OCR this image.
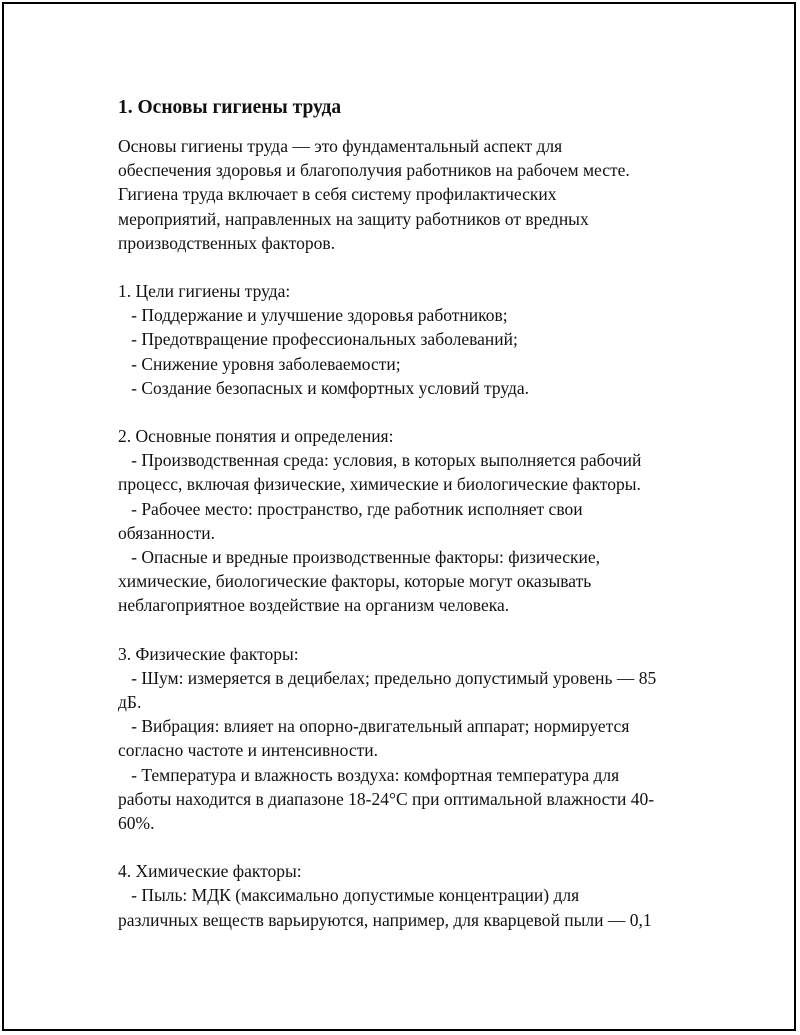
1. Основы гигиены труда
Основы гигиены труда — это фундаментальный аспект для
обеспечения здоровья и благополучия работников на рабочем месте.
Гигиена труда включает в себя систему профилактических
мероприятий, направленных на защиту работников от вредных
производственных факторов.
1. Цели гигиены труда:
- Поддержание и улучшение здоровья работников;
- Предотвращение профессиональных заболеваний;
- Снижение уровня заболеваемости;
- Создание безопасных и комфортных условий труда.
2. Основные понятия и определения:
- Производственная среда: условия, в которых выполняется рабочий
процесс, включая физические, химические и биологические факторы.
- Рабочее место: пространство, где работник исполняет свои
обязанности.
- Опасные и вредные производственные факторы: физические,
химические, биологические факторы, которые могут оказывать
неблагоприятное воздействие на организм человека.
3. Физические факторы:
- Шум: измеряется в децибелах; предельно допустимый уровень — 85
дБ.
- Вибрация: влияет на опорно-двигательный аппарат; нормируется
согласно частоте и интенсивности.
- Температура и влажность воздуха: комфортная температура для
работы находится в диапазоне 18-24°C при оптимальной влажности 40-
60%.
4. Химические факторы:
- Пыль: МДК (максимально допустимые концентрации) для
различных веществ варьируются, например, для кварцевой пыли — 0,1
